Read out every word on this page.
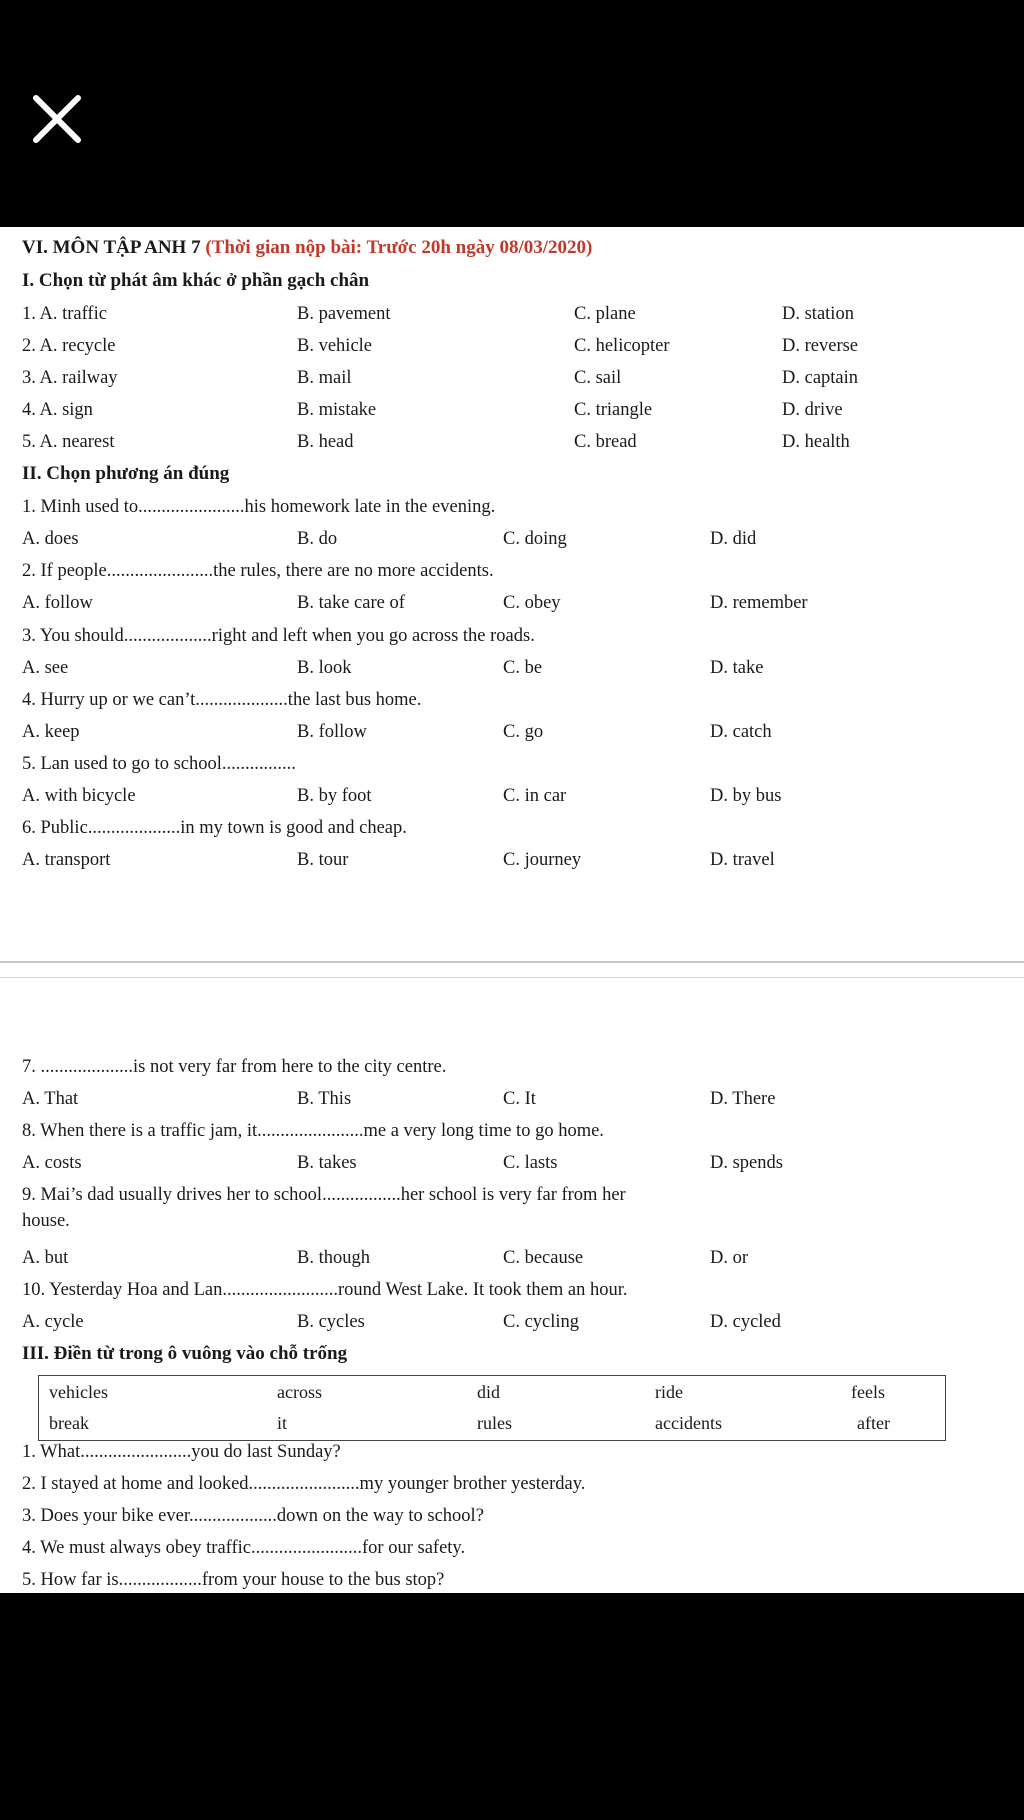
VI. MÔN TẬP ANH 7 (Thời gian nộp bài: Trước 20h ngày 08/03/2020)
I. Chọn từ phát âm khác ở phần gạch chân
1. A. traffic	B. pavement	C. plane	D. station
2. A. recycle	B. vehicle	C. helicopter	D. reverse
3. A. railway	B. mail	C. sail	D. captain
4. A. sign	B. mistake	C. triangle	D. drive
5. A. nearest	B. head	C. bread	D. health
II. Chọn phương án đúng
1. Minh used to.......................his homework late in the evening.
A. does	B. do	C. doing	D. did
2. If people.......................the rules, there are no more accidents.
A. follow	B. take care of	C. obey	D. remember
3. You should...................right and left when you go across the roads.
A. see	B. look	C. be	D. take
4. Hurry up or we can’t....................the last bus home.
A. keep	B. follow	C. go	D. catch
5. Lan used to go to school................
A. with bicycle	B. by foot	C. in car	D. by bus
6. Public....................in my town is good and cheap.
A. transport	B. tour	C. journey	D. travel
7. ....................is not very far from here to the city centre.
A. That	B. This	C. It	D. There
8. When there is a traffic jam, it.......................me a very long time to go home.
A. costs	B. takes	C. lasts	D. spends
9. Mai’s dad usually drives her to school.................her school is very far from her
house.
A. but	B. though	C. because	D. or
10. Yesterday Hoa and Lan.........................round West Lake. It took them an hour.
A. cycle	B. cycles	C. cycling	D. cycled
III. Điền từ trong ô vuông vào chỗ trống
vehicles	across	did	ride	feels
break	it	rules	accidents	after
1. What........................you do last Sunday?
2. I stayed at home and looked........................my younger brother yesterday.
3. Does your bike ever...................down on the way to school?
4. We must always obey traffic........................for our safety.
5. How far is..................from your house to the bus stop?
